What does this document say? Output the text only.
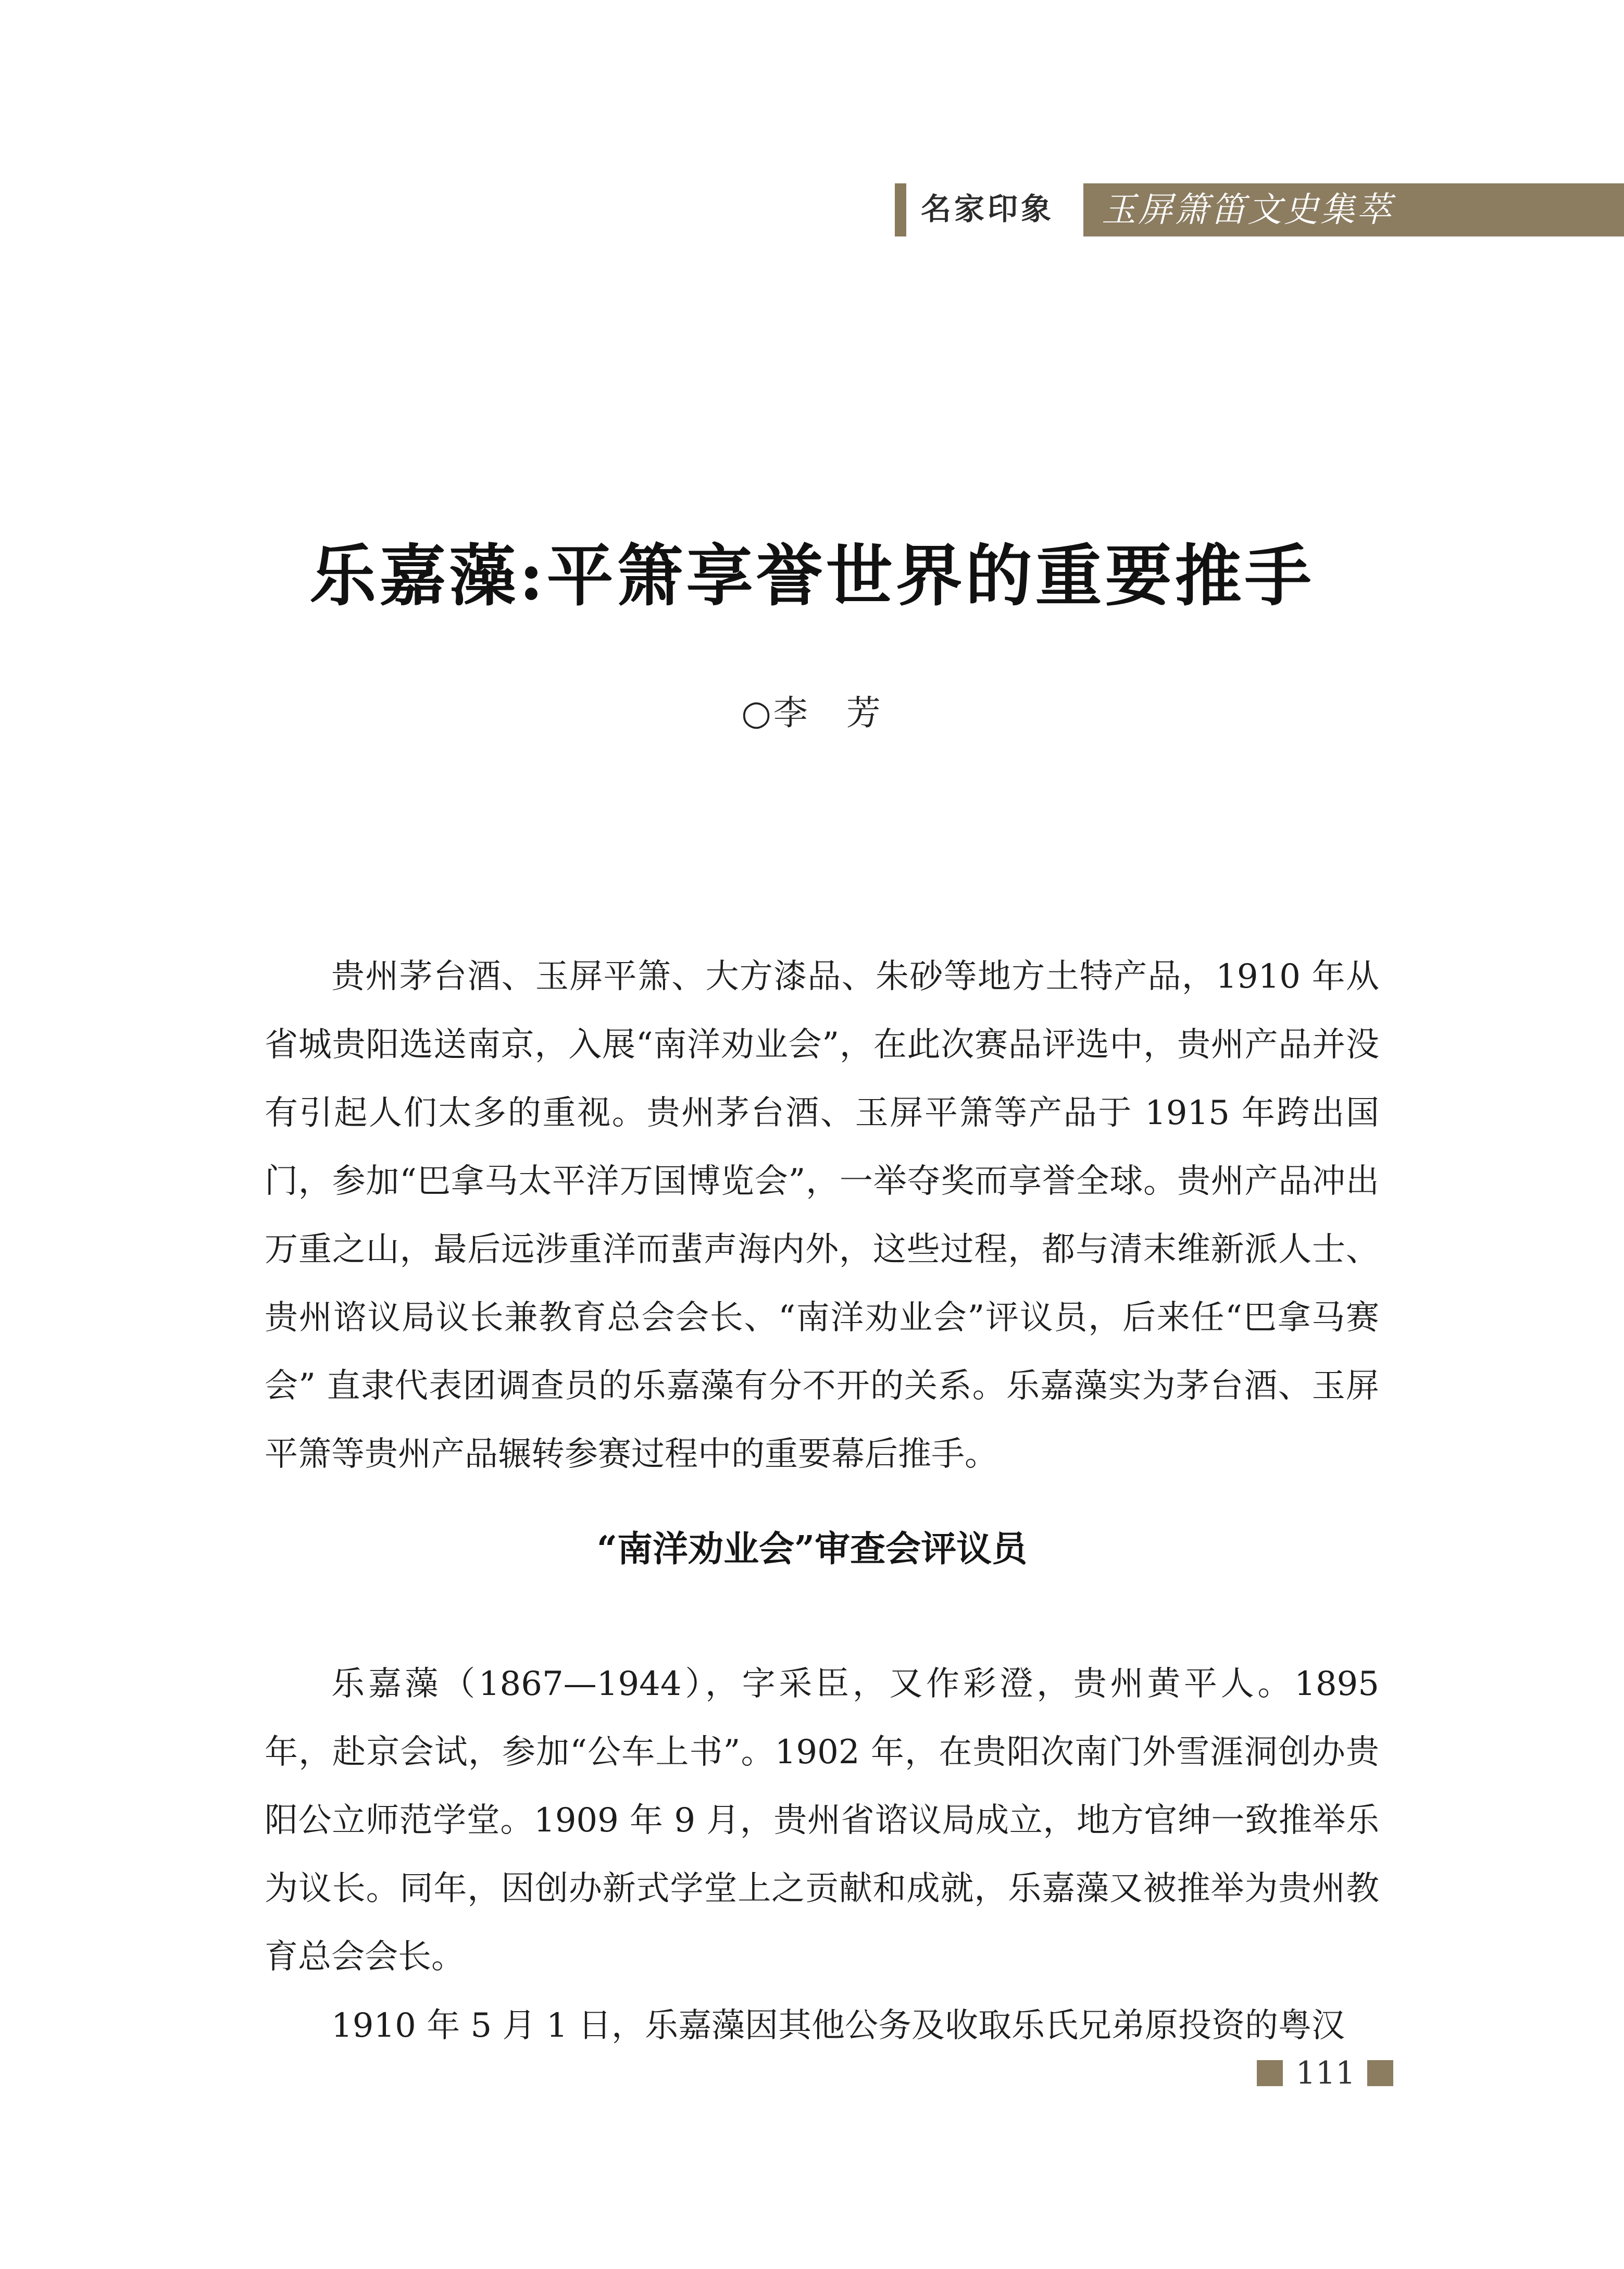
名家印象 玉屏箫笛文史集萃
乐嘉藻:平箫享誉世界的重要推手

○李　芳

贵州茅台酒、玉屏平箫、大方漆品、朱砂等地方土特产品，1910 年从省城贵阳选送南京，入展“南洋劝业会”，在此次赛品评选中，贵州产品并没有引起人们太多的重视。贵州茅台酒、玉屏平箫等产品于 1915 年跨出国门，参加“巴拿马太平洋万国博览会”，一举夺奖而享誉全球。贵州产品冲出万重之山，最后远涉重洋而蜚声海内外，这些过程，都与清末维新派人士、贵州谘议局议长兼教育总会会长、“南洋劝业会”评议员，后来任“巴拿马赛会” 直隶代表团调查员的乐嘉藻有分不开的关系。乐嘉藻实为茅台酒、玉屏平箫等贵州产品辗转参赛过程中的重要幕后推手。

“南洋劝业会”审查会评议员

乐嘉藻（1867—1944），字采臣，又作彩澄，贵州黄平人。1895 年，赴京会试，参加“公车上书”。1902 年，在贵阳次南门外雪涯洞创办贵阳公立师范学堂。1909 年 9 月，贵州省谘议局成立，地方官绅一致推举乐为议长。同年，因创办新式学堂上之贡献和成就，乐嘉藻又被推举为贵州教育总会会长。

1910 年 5 月 1 日，乐嘉藻因其他公务及收取乐氏兄弟原投资的粤汉

111
